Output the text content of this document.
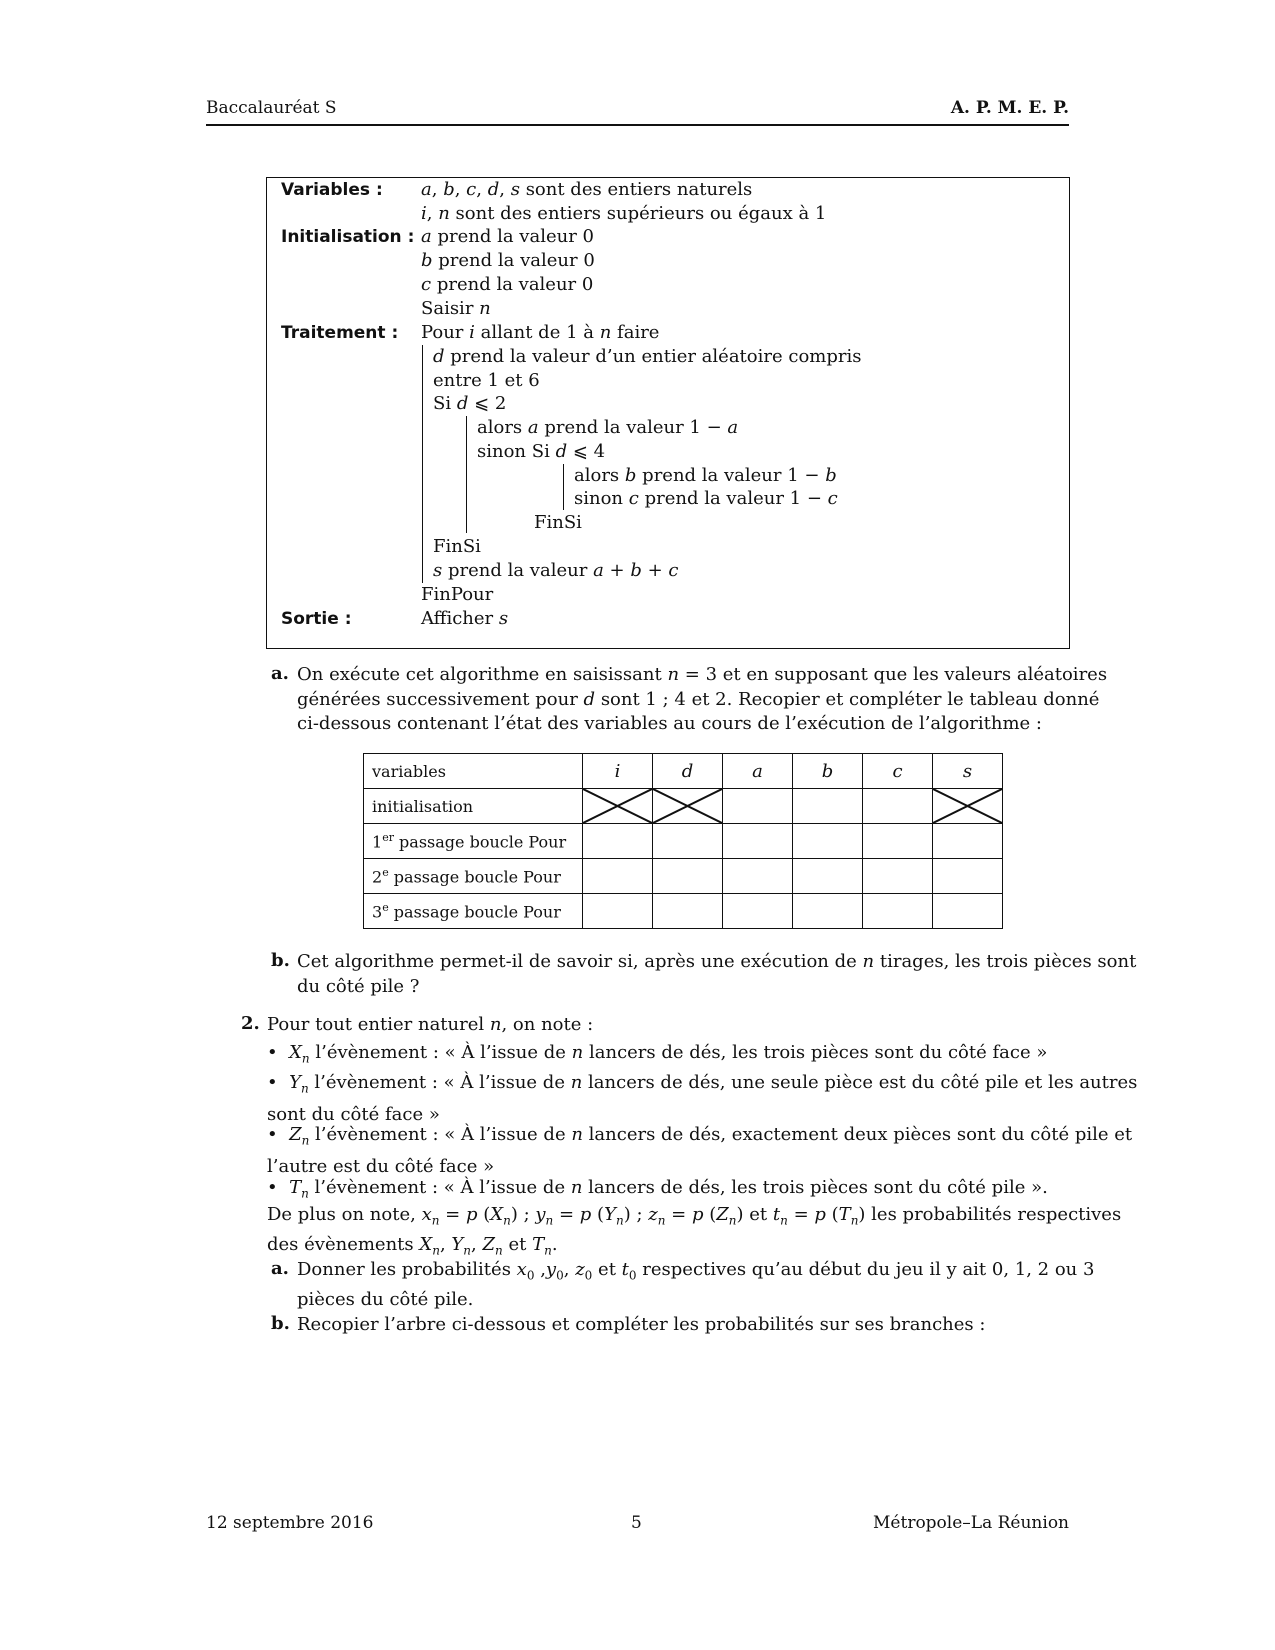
Baccalauréat S	A. P. M. E. P.
Variables : a, b, c, d, s sont des entiers naturels
i, n sont des entiers supérieurs ou égaux à 1
Initialisation : a prend la valeur 0
b prend la valeur 0
c prend la valeur 0
Saisir n
Traitement : Pour i allant de 1 à n faire
d prend la valeur d’un entier aléatoire compris
entre 1 et 6
Si d ⩽ 2
alors a prend la valeur 1 − a
sinon Si d ⩽ 4
alors b prend la valeur 1 − b
sinon c prend la valeur 1 − c
FinSi
FinSi
s prend la valeur a + b + c
FinPour
Sortie :	Afficher s
a. On exécute cet algorithme en saisissant n = 3 et en supposant que les valeurs aléatoires
générées successivement pour d sont 1 ; 4 et 2. Recopier et compléter le tableau donné
ci-dessous contenant l’état des variables au cours de l’exécution de l’algorithme :
variables	i	d	a	b	c	s
initialisation	

1er passage boucle Pour						
2e passage boucle Pour						
3e passage boucle Pour						
b. Cet algorithme permet-il de savoir si, après une exécution de n tirages, les trois pièces sont
du côté pile ?
2. Pour tout entier naturel n, on note :
•  $X_n$ l’évènement : « À l’issue de n lancers de dés, les trois pièces sont du côté face »
•  $Y_n$ l’évènement : « À l’issue de n lancers de dés, une seule pièce est du côté pile et les autres
sont du côté face »
•  $Z_n$ l’évènement : « À l’issue de n lancers de dés, exactement deux pièces sont du côté pile et
l’autre est du côté face »
•  $T_n$ l’évènement : « À l’issue de n lancers de dés, les trois pièces sont du côté pile ».
De plus on note, $x_n = p$ $(X_n)$ ; $y_n = p$ $(Y_n)$ ; $z_n = p$ $(Z_n)$ et $t_n = p$ $(T_n)$ les probabilités respectives
des évènements $X_n$, $Y_n$, $Z_n$ et $T_n$.
a. Donner les probabilités $x_0$ $,y_0$, $z_0$ et $t_0$ respectives qu’au début du jeu il y ait 0, 1, 2 ou 3
pièces du côté pile.
b. Recopier l’arbre ci-dessous et compléter les probabilités sur ses branches :
12 septembre 2016	5	Métropole–La Réunion
